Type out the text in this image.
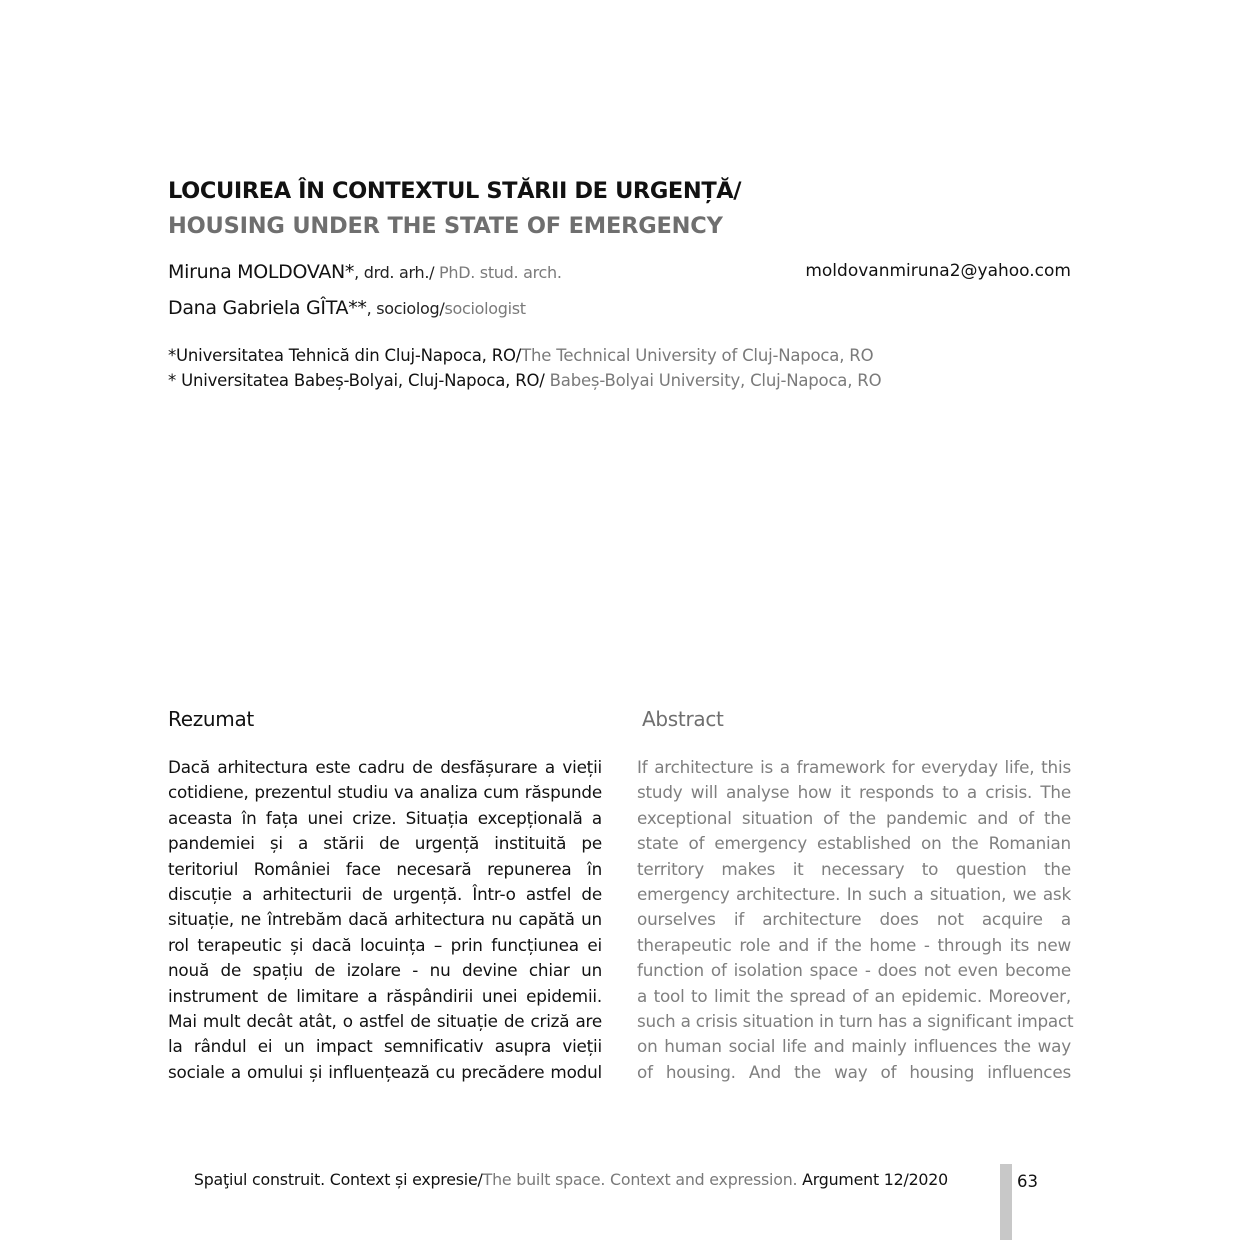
LOCUIREA ÎN CONTEXTUL STĂRII DE URGENȚĂ/
HOUSING UNDER THE STATE OF EMERGENCY
Miruna MOLDOVAN*, drd. arh./ PhD. stud. arch.	moldovanmiruna2@yahoo.com
Dana Gabriela GÎTA**, sociolog/sociologist
*Universitatea Tehnică din Cluj-Napoca, RO/The Technical University of Cluj-Napoca, RO
* Universitatea Babeș-Bolyai, Cluj-Napoca, RO/ Babeș-Bolyai University, Cluj-Napoca, RO
Rezumat	Abstract
Dacă arhitectura este cadru de desfășurare a vieții
cotidiene, prezentul studiu va analiza cum răspunde
aceasta în fața unei crize. Situația excepțională a
pandemiei și a stării de urgență instituită pe
teritoriul României face necesară repunerea în
discuție a arhitecturii de urgență. Într-o astfel de
situație, ne întrebăm dacă arhitectura nu capătă un
rol terapeutic și dacă locuința – prin funcțiunea ei
nouă de spațiu de izolare - nu devine chiar un
instrument de limitare a răspândirii unei epidemii.
Mai mult decât atât, o astfel de situație de criză are
la rândul ei un impact semnificativ asupra vieții
sociale a omului și influențează cu precădere modul
If architecture is a framework for everyday life, this
study will analyse how it responds to a crisis. The
exceptional situation of the pandemic and of the
state of emergency established on the Romanian
territory makes it necessary to question the
emergency architecture. In such a situation, we ask
ourselves if architecture does not acquire a
therapeutic role and if the home - through its new
function of isolation space - does not even become
a tool to limit the spread of an epidemic. Moreover,
such a crisis situation in turn has a significant impact
on human social life and mainly influences the way
of housing. And the way of housing influences
Spaţiul construit. Context și expresie/The built space. Context and expression. Argument 12/2020	63
